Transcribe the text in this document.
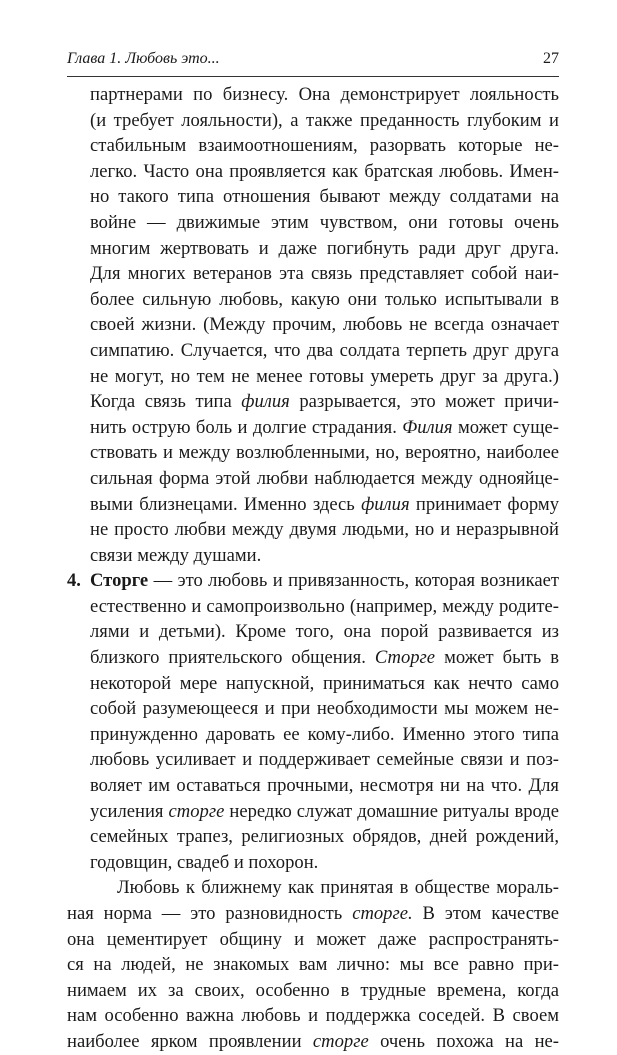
Глава 1. Любовь это...	27
партнерами по бизнесу. Она демонстрирует лояльность
(и требует лояльности), а также преданность глубоким и
стабильным взаимоотношениям, разорвать которые не-
легко. Часто она проявляется как братская любовь. Имен-
но такого типа отношения бывают между солдатами на
войне — движимые этим чувством, они готовы очень
многим жертвовать и даже погибнуть ради друг друга.
Для многих ветеранов эта связь представляет собой наи-
более сильную любовь, какую они только испытывали в
своей жизни. (Между прочим, любовь не всегда означает
симпатию. Случается, что два солдата терпеть друг друга
не могут, но тем не менее готовы умереть друг за друга.)
Когда связь типа филия разрывается, это может причи-
нить острую боль и долгие страдания. Филия может суще-
ствовать и между возлюбленными, но, вероятно, наиболее
сильная форма этой любви наблюдается между однояйце-
выми близнецами. Именно здесь филия принимает форму
не просто любви между двумя людьми, но и неразрывной
связи между душами.
4. Сторге — это любовь и привязанность, которая возникает
естественно и самопроизвольно (например, между родите-
лями и детьми). Кроме того, она порой развивается из
близкого приятельского общения. Сторге может быть в
некоторой мере напускной, приниматься как нечто само
собой разумеющееся и при необходимости мы можем не-
принужденно даровать ее кому-либо. Именно этого типа
любовь усиливает и поддерживает семейные связи и поз-
воляет им оставаться прочными, несмотря ни на что. Для
усиления сторге нередко служат домашние ритуалы вроде
семейных трапез, религиозных обрядов, дней рождений,
годовщин, свадеб и похорон.
Любовь к ближнему как принятая в обществе мораль-
ная норма — это разновидность сторге. В этом качестве
она цементирует общину и может даже распространять-
ся на людей, не знакомых вам лично: мы все равно при-
нимаем их за своих, особенно в трудные времена, когда
нам особенно важна любовь и поддержка соседей. В своем
наиболее ярком проявлении сторге очень похожа на не-
